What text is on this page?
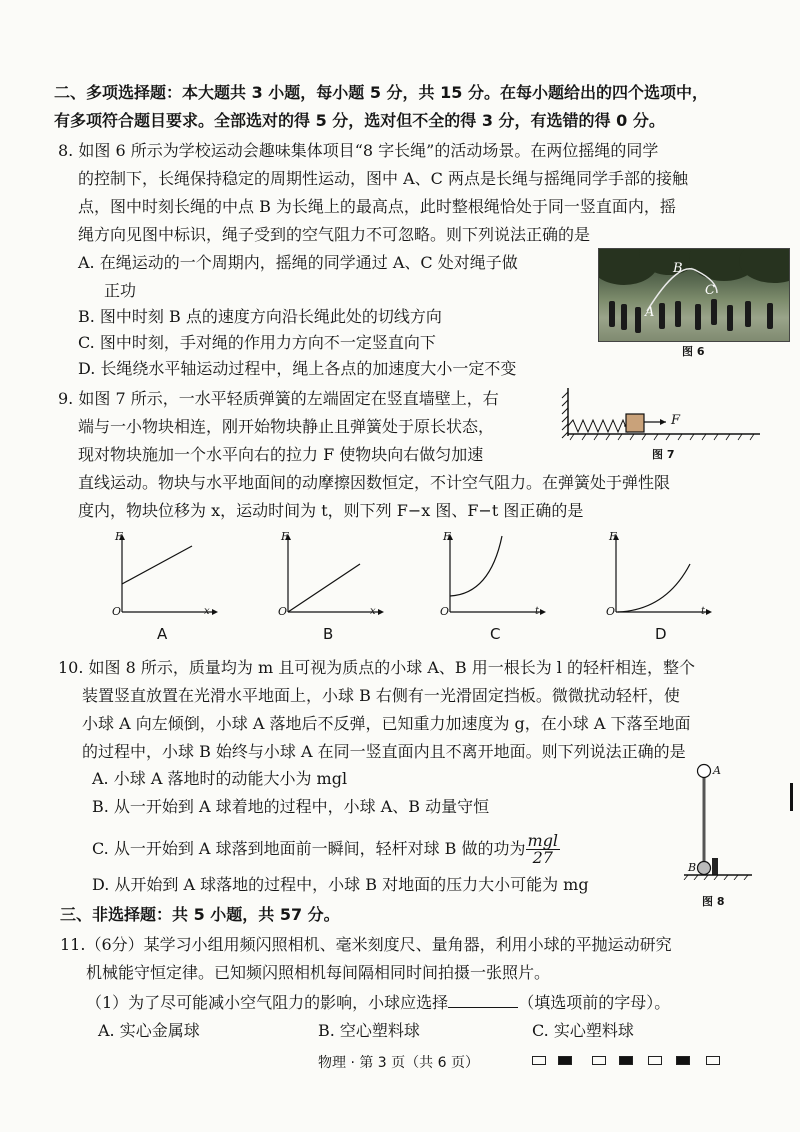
二、多项选择题：本大题共 3 小题，每小题 5 分，共 15 分。在每小题给出的四个选项中，
有多项符合题目要求。全部选对的得 5 分，选对但不全的得 3 分，有选错的得 0 分。
8. 如图 6 所示为学校运动会趣味集体项目“8 字长绳”的活动场景。在两位摇绳的同学
的控制下，长绳保持稳定的周期性运动，图中 A、C 两点是长绳与摇绳同学手部的接触
点，图中时刻长绳的中点 B 为长绳上的最高点，此时整根绳恰处于同一竖直面内，摇
绳方向见图中标识，绳子受到的空气阻力不可忽略。则下列说法正确的是
A. 在绳运动的一个周期内，摇绳的同学通过 A、C 处对绳子做
正功
B. 图中时刻 B 点的速度方向沿长绳此处的切线方向
C. 图中时刻，手对绳的作用力方向不一定竖直向下
D. 长绳绕水平轴运动过程中，绳上各点的加速度大小一定不变
B
C
A
图 6
9. 如图 7 所示，一水平轻质弹簧的左端固定在竖直墙壁上，右
端与一小物块相连，刚开始物块静止且弹簧处于原长状态，
现对物块施加一个水平向右的拉力 F 使物块向右做匀加速
直线运动。物块与水平地面间的动摩擦因数恒定，不计空气阻力。在弹簧处于弹性限
度内，物块位移为 x，运动时间为 t，则下列 F−x 图、F−t 图正确的是
F
图 7
F
O	x
A
F
O	x
B
F
O	t
C
F
O	t
D
10. 如图 8 所示，质量均为 m 且可视为质点的小球 A、B 用一根长为 l 的轻杆相连，整个
装置竖直放置在光滑水平地面上，小球 B 右侧有一光滑固定挡板。微微扰动轻杆，使
小球 A 向左倾倒，小球 A 落地后不反弹，已知重力加速度为 g，在小球 A 下落至地面
的过程中，小球 B 始终与小球 A 在同一竖直面内且不离开地面。则下列说法正确的是
A. 小球 A 落地时的动能大小为 mgl
B. 从一开始到 A 球着地的过程中，小球 A、B 动量守恒
C. 从一开始到 A 球落到地面前一瞬间，轻杆对球 B 做的功为 $\frac{\text{mgl}}{27}$
D. 从开始到 A 球落地的过程中，小球 B 对地面的压力大小可能为 mg
A
B
图 8
三、非选择题：共 5 小题，共 57 分。
11.（6分）某学习小组用频闪照相机、毫米刻度尺、量角器，利用小球的平抛运动研究
机械能守恒定律。已知频闪照相机每间隔相同时间拍摄一张照片。
（1）为了尽可能减小空气阻力的影响，小球应选择	（填选项前的字母）。
A. 实心金属球	B. 空心塑料球	C. 实心塑料球
物理 · 第 3 页（共 6 页）
